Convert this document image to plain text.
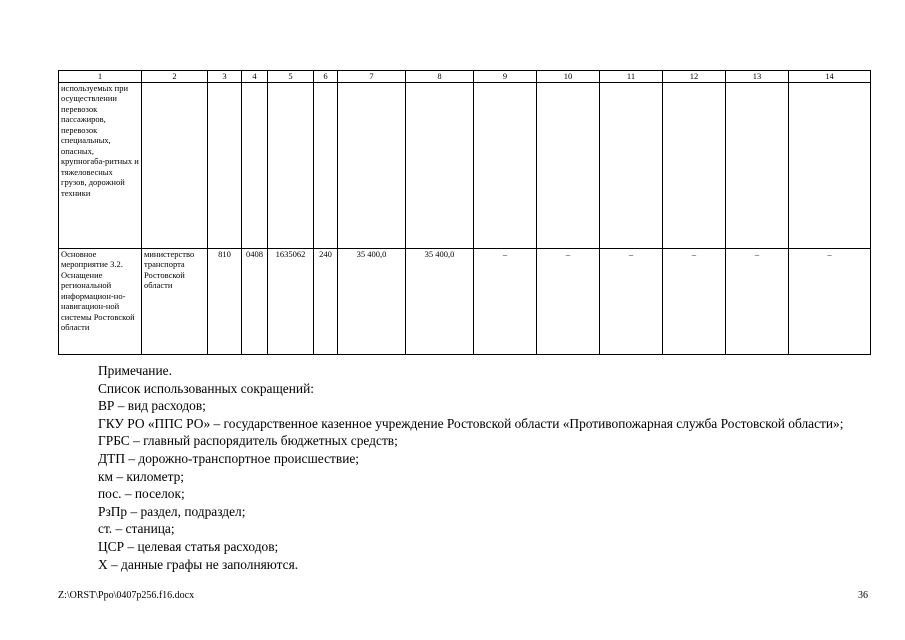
1	2	3	4	5	6	7	8	9	10	11	12	13	14
используемых при осуществлении перевозок пассажиров, перевозок специальных, опасных, крупногаба-ритных и тяжеловесных грузов, дорожной техники													
Основное мероприятие 3.2. Оснащение региональной информацион-но-навигацион-ной системы Ростовской области	министерство транспорта Ростовской области	810	0408	1635062	240	35 400,0	35 400,0	–	–	–	–	–	–

Примечание.

Список использованных сокращений:

ВР – вид расходов;

ГКУ РО «ППС РО» – государственное казенное учреждение Ростовской области «Противопожарная служба Ростовской области»;

ГРБС – главный распорядитель бюджетных средств;

ДТП – дорожно-транспортное происшествие;

км – километр;

пос. – поселок;

РзПр – раздел, подраздел;

ст. – станица;

ЦСР – целевая статья расходов;

Х – данные графы не заполняются.

Z:\ORST\Ppo\0407p256.f16.docx	36
